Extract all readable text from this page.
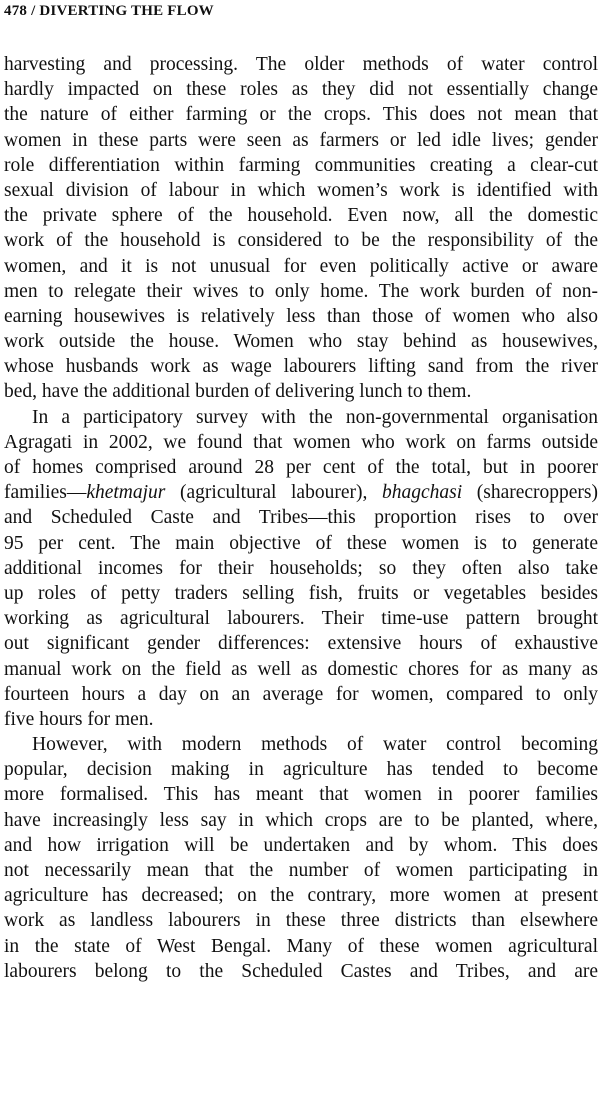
478 / DIVERTING THE FLOW
harvesting and processing. The older methods of water control
hardly impacted on these roles as they did not essentially change
the nature of either farming or the crops. This does not mean that
women in these parts were seen as farmers or led idle lives; gender
role differentiation within farming communities creating a clear-cut
sexual division of labour in which women’s work is identified with
the private sphere of the household. Even now, all the domestic
work of the household is considered to be the responsibility of the
women, and it is not unusual for even politically active or aware
men to relegate their wives to only home. The work burden of non-
earning housewives is relatively less than those of women who also
work outside the house. Women who stay behind as housewives,
whose husbands work as wage labourers lifting sand from the river
bed, have the additional burden of delivering lunch to them.
In a participatory survey with the non-governmental organisation
Agragati in 2002, we found that women who work on farms outside
of homes comprised around 28 per cent of the total, but in poorer
families—khetmajur (agricultural labourer), bhagchasi (sharecroppers)
and Scheduled Caste and Tribes—this proportion rises to over
95 per cent. The main objective of these women is to generate
additional incomes for their households; so they often also take
up roles of petty traders selling fish, fruits or vegetables besides
working as agricultural labourers. Their time-use pattern brought
out significant gender differences: extensive hours of exhaustive
manual work on the field as well as domestic chores for as many as
fourteen hours a day on an average for women, compared to only
five hours for men.
However, with modern methods of water control becoming
popular, decision making in agriculture has tended to become
more formalised. This has meant that women in poorer families
have increasingly less say in which crops are to be planted, where,
and how irrigation will be undertaken and by whom. This does
not necessarily mean that the number of women participating in
agriculture has decreased; on the contrary, more women at present
work as landless labourers in these three districts than elsewhere
in the state of West Bengal. Many of these women agricultural
labourers belong to the Scheduled Castes and Tribes, and are
